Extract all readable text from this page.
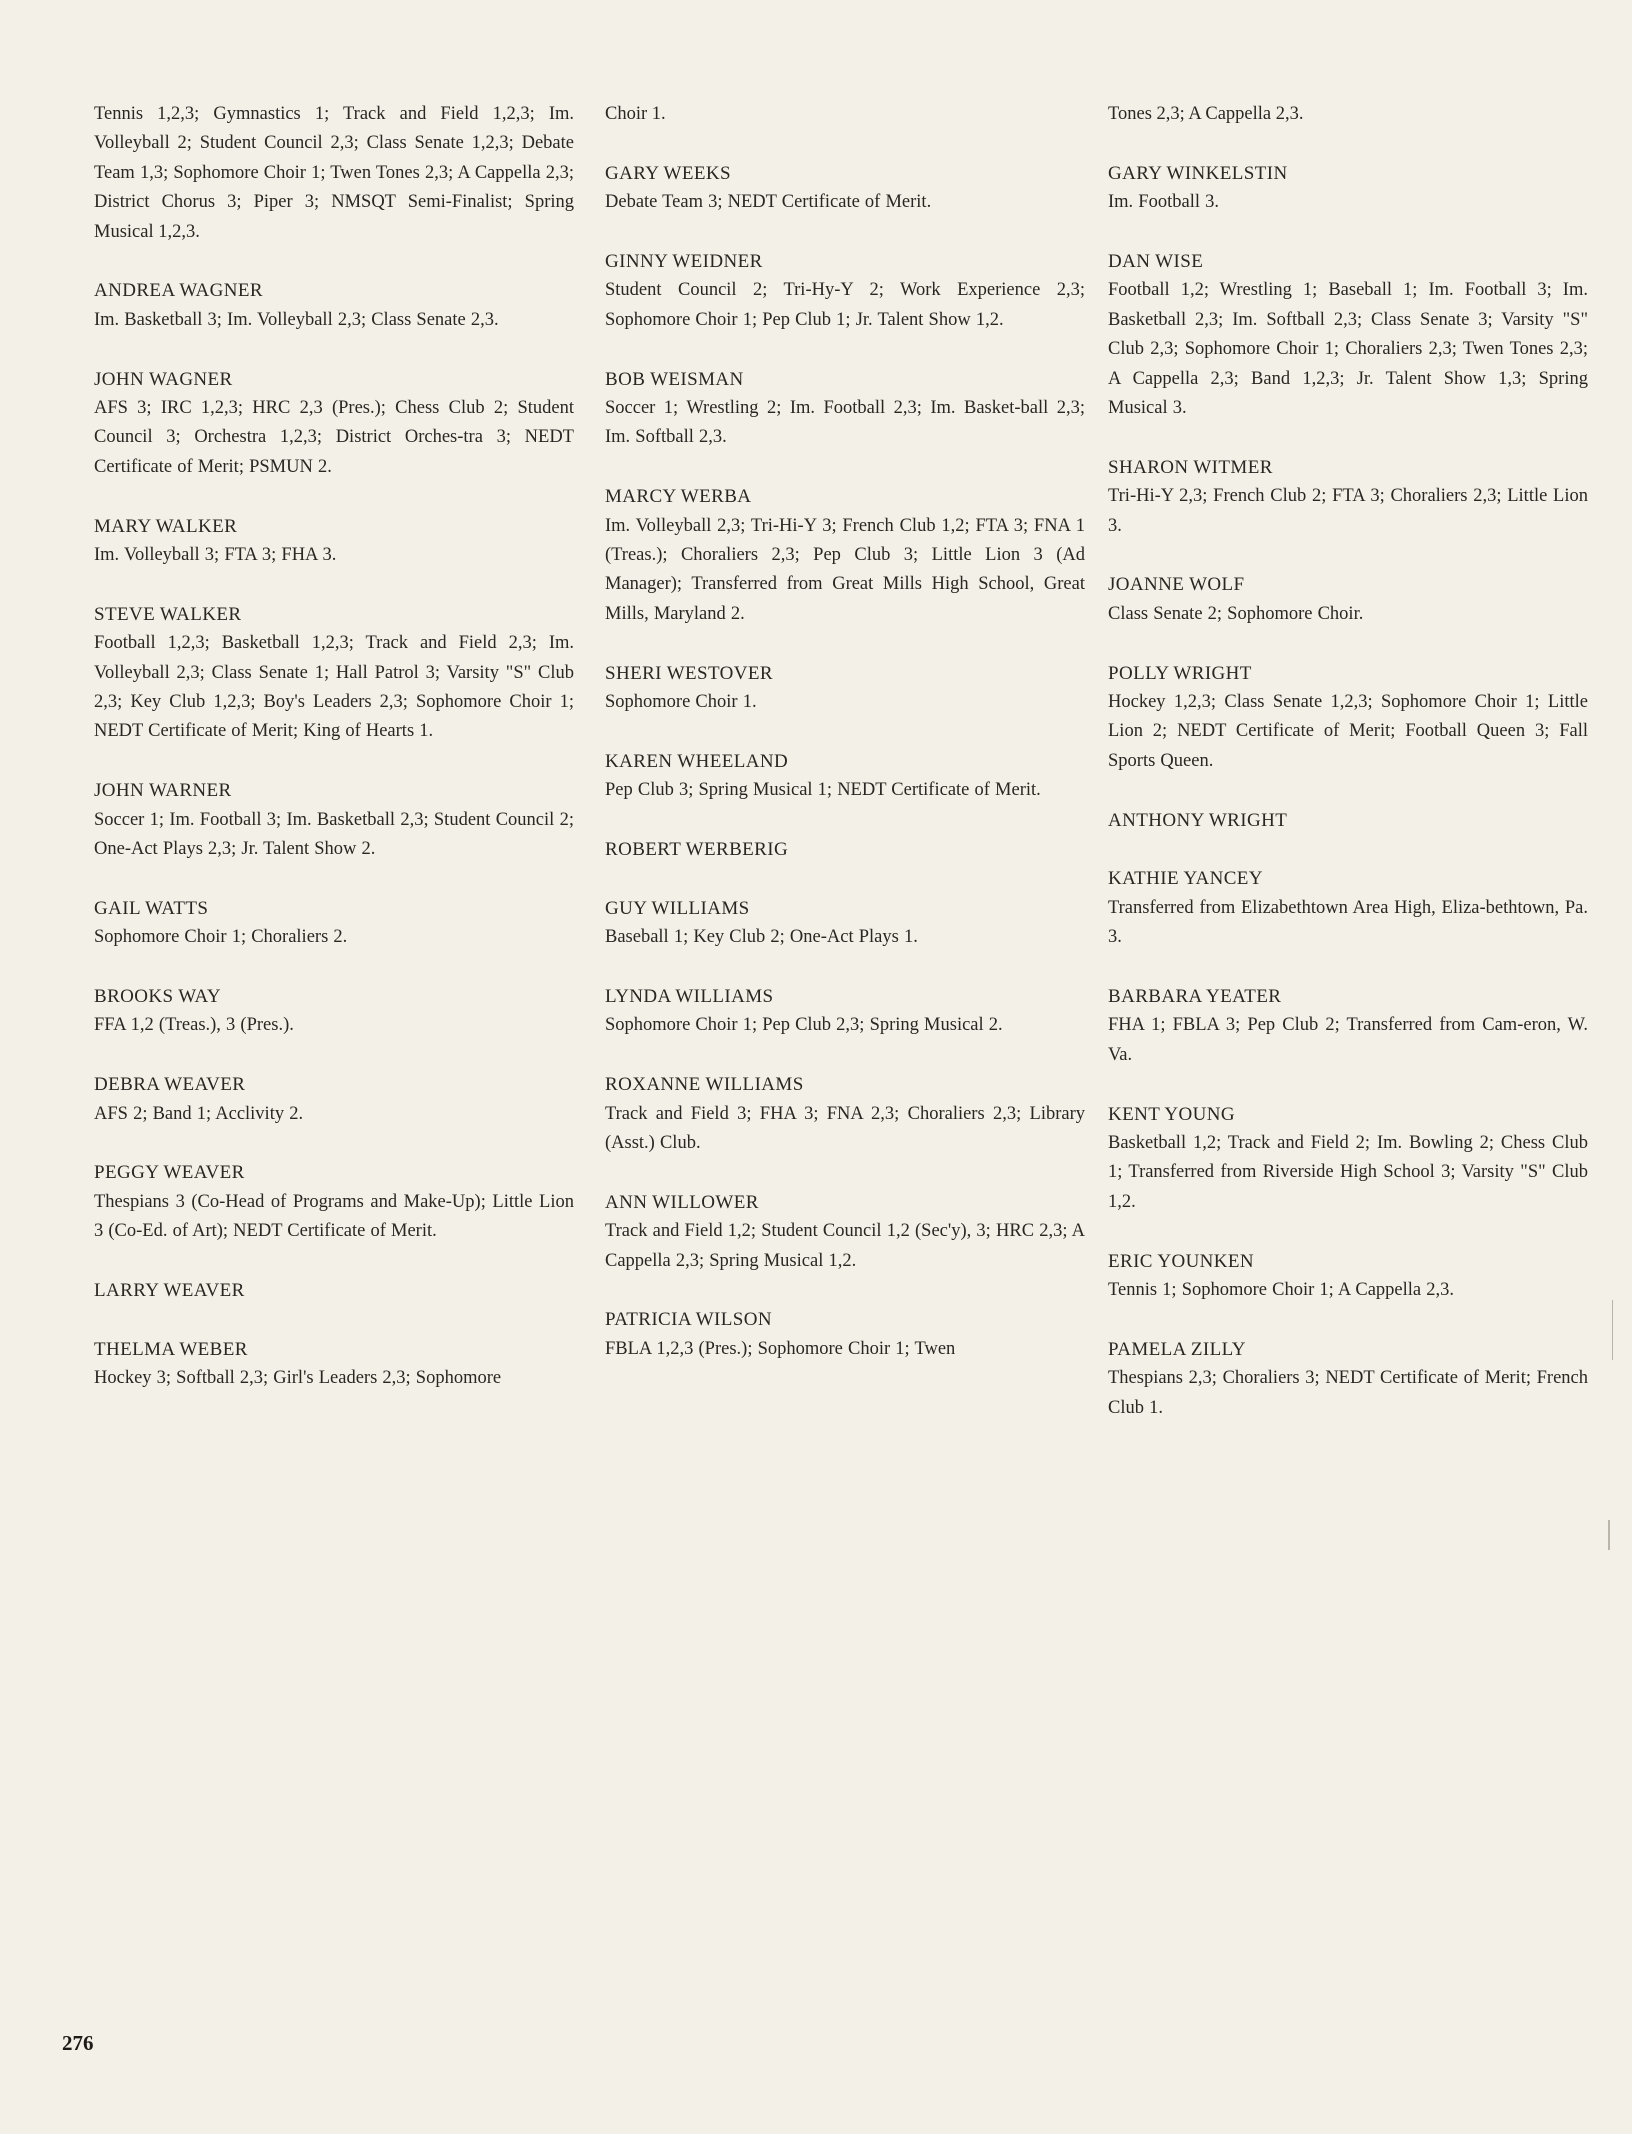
Tennis 1,2,3; Gymnastics 1; Track and Field 1,2,3; Im. Volleyball 2; Student Council 2,3; Class Senate 1,2,3; Debate Team 1,3; Sophomore Choir 1; Twen Tones 2,3; A Cappella 2,3; District Chorus 3; Piper 3; NMSQT Semi-Finalist; Spring Musical 1,2,3.
ANDREA WAGNER
Im. Basketball 3; Im. Volleyball 2,3; Class Senate 2,3.
JOHN WAGNER
AFS 3; IRC 1,2,3; HRC 2,3 (Pres.); Chess Club 2; Student Council 3; Orchestra 1,2,3; District Orches-tra 3; NEDT Certificate of Merit; PSMUN 2.
MARY WALKER
Im. Volleyball 3; FTA 3; FHA 3.
STEVE WALKER
Football 1,2,3; Basketball 1,2,3; Track and Field 2,3; Im. Volleyball 2,3; Class Senate 1; Hall Patrol 3; Varsity "S" Club 2,3; Key Club 1,2,3; Boy's Leaders 2,3; Sophomore Choir 1; NEDT Certificate of Merit; King of Hearts 1.
JOHN WARNER
Soccer 1; Im. Football 3; Im. Basketball 2,3; Student Council 2; One-Act Plays 2,3; Jr. Talent Show 2.
GAIL WATTS
Sophomore Choir 1; Choraliers 2.
BROOKS WAY
FFA 1,2 (Treas.), 3 (Pres.).
DEBRA WEAVER
AFS 2; Band 1; Acclivity 2.
PEGGY WEAVER
Thespians 3 (Co-Head of Programs and Make-Up); Little Lion 3 (Co-Ed. of Art); NEDT Certificate of Merit.
LARRY WEAVER
THELMA WEBER
Hockey 3; Softball 2,3; Girl's Leaders 2,3; Sophomore
Choir 1.
GARY WEEKS
Debate Team 3; NEDT Certificate of Merit.
GINNY WEIDNER
Student Council 2; Tri-Hy-Y 2; Work Experience 2,3; Sophomore Choir 1; Pep Club 1; Jr. Talent Show 1,2.
BOB WEISMAN
Soccer 1; Wrestling 2; Im. Football 2,3; Im. Basket-ball 2,3; Im. Softball 2,3.
MARCY WERBA
Im. Volleyball 2,3; Tri-Hi-Y 3; French Club 1,2; FTA 3; FNA 1 (Treas.); Choraliers 2,3; Pep Club 3; Little Lion 3 (Ad Manager); Transferred from Great Mills High School, Great Mills, Maryland 2.
SHERI WESTOVER
Sophomore Choir 1.
KAREN WHEELAND
Pep Club 3; Spring Musical 1; NEDT Certificate of Merit.
ROBERT WERBERIG
GUY WILLIAMS
Baseball 1; Key Club 2; One-Act Plays 1.
LYNDA WILLIAMS
Sophomore Choir 1; Pep Club 2,3; Spring Musical 2.
ROXANNE WILLIAMS
Track and Field 3; FHA 3; FNA 2,3; Choraliers 2,3; Library (Asst.) Club.
ANN WILLOWER
Track and Field 1,2; Student Council 1,2 (Sec'y), 3; HRC 2,3; A Cappella 2,3; Spring Musical 1,2.
PATRICIA WILSON
FBLA 1,2,3 (Pres.); Sophomore Choir 1; Twen
Tones 2,3; A Cappella 2,3.
GARY WINKELSTIN
Im. Football 3.
DAN WISE
Football 1,2; Wrestling 1; Baseball 1; Im. Football 3; Im. Basketball 2,3; Im. Softball 2,3; Class Senate 3; Varsity "S" Club 2,3; Sophomore Choir 1; Choraliers 2,3; Twen Tones 2,3; A Cappella 2,3; Band 1,2,3; Jr. Talent Show 1,3; Spring Musical 3.
SHARON WITMER
Tri-Hi-Y 2,3; French Club 2; FTA 3; Choraliers 2,3; Little Lion 3.
JOANNE WOLF
Class Senate 2; Sophomore Choir.
POLLY WRIGHT
Hockey 1,2,3; Class Senate 1,2,3; Sophomore Choir 1; Little Lion 2; NEDT Certificate of Merit; Football Queen 3; Fall Sports Queen.
ANTHONY WRIGHT
KATHIE YANCEY
Transferred from Elizabethtown Area High, Eliza-bethtown, Pa. 3.
BARBARA YEATER
FHA 1; FBLA 3; Pep Club 2; Transferred from Cam-eron, W. Va.
KENT YOUNG
Basketball 1,2; Track and Field 2; Im. Bowling 2; Chess Club 1; Transferred from Riverside High School 3; Varsity "S" Club 1,2.
ERIC YOUNKEN
Tennis 1; Sophomore Choir 1; A Cappella 2,3.
PAMELA ZILLY
Thespians 2,3; Choraliers 3; NEDT Certificate of Merit; French Club 1.
276
